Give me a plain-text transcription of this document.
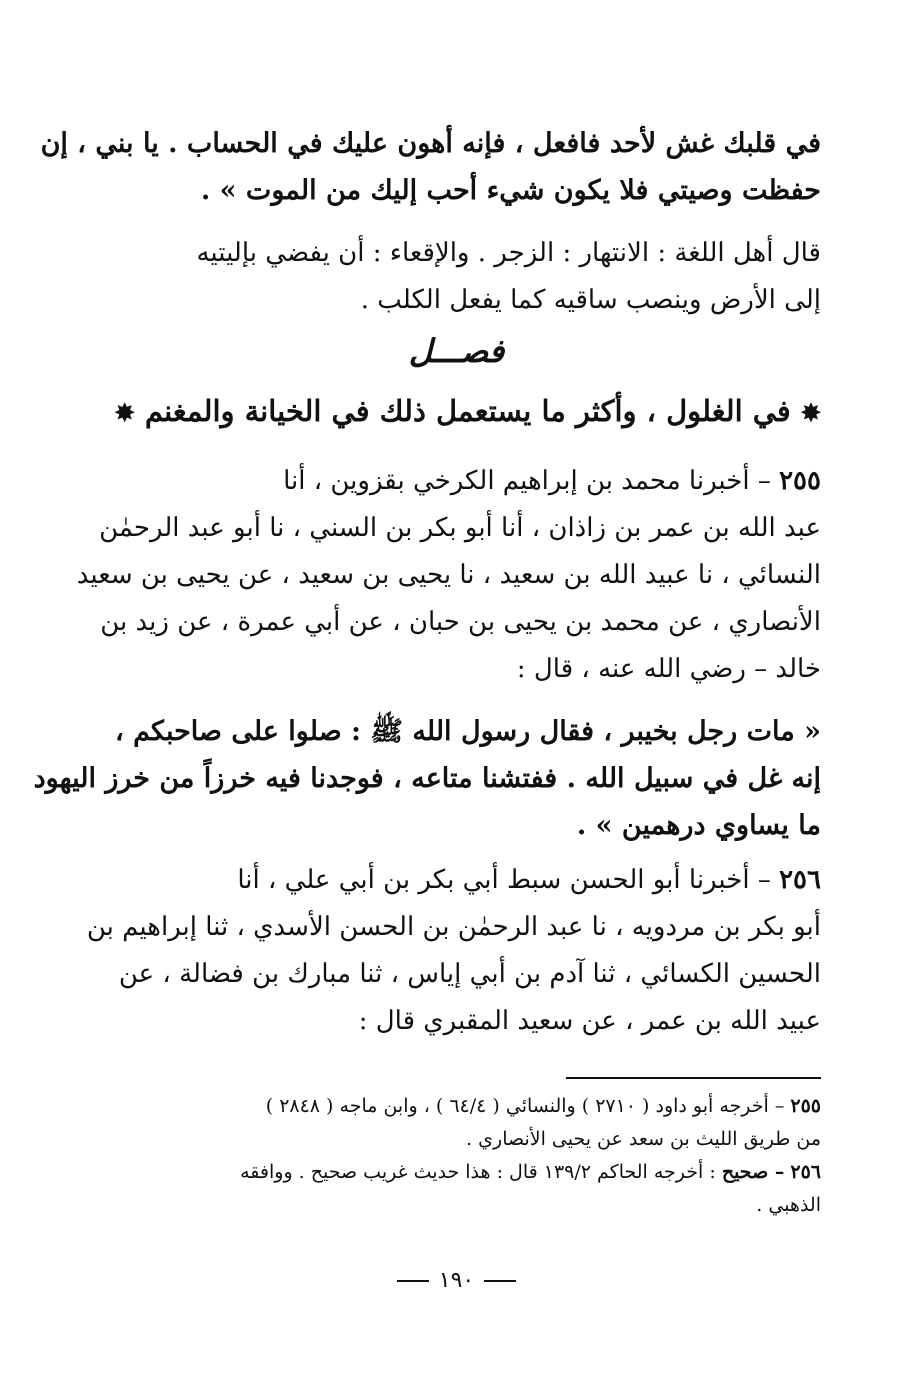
في قلبك غش لأحد فافعل ، فإنه أهون عليك في الحساب . يا بني ، إن
حفظت وصيتي فلا يكون شيء أحب إليك من الموت » .
قال أهل اللغة : الانتهار : الزجر . والإقعاء : أن يفضي بإليتيه
إلى الأرض وينصب ساقيه كما يفعل الكلب .
فصـــل
✸ في الغلول ، وأكثر ما يستعمل ذلك في الخيانة والمغنم ✸
٢٥٥ – أخبرنا محمد بن إبراهيم الكرخي بقزوين ، أنا
عبد الله بن عمر بن زاذان ، أنا أبو بكر بن السني ، نا أبو عبد الرحمٰن
النسائي ، نا عبيد الله بن سعيد ، نا يحيى بن سعيد ، عن يحيى بن سعيد
الأنصاري ، عن محمد بن يحيى بن حبان ، عن أبي عمرة ، عن زيد بن
خالد – رضي الله عنه ، قال :
« مات رجل بخيبر ، فقال رسول الله ﷺ : صلوا على صاحبكم ،
إنه غل في سبيل الله . ففتشنا متاعه ، فوجدنا فيه خرزاً من خرز اليهود
ما يساوي درهمين » .
٢٥٦ – أخبرنا أبو الحسن سبط أبي بكر بن أبي علي ، أنا
أبو بكر بن مردويه ، نا عبد الرحمٰن بن الحسن الأسدي ، ثنا إبراهيم بن
الحسين الكسائي ، ثنا آدم بن أبي إياس ، ثنا مبارك بن فضالة ، عن
عبيد الله بن عمر ، عن سعيد المقبري قال :
٢٥٥ – أخرجه أبو داود ( ٢٧١٠ ) والنسائي ( ٦٤/٤ ) ، وابن ماجه ( ٢٨٤٨ )
من طريق الليث بن سعد عن يحيى الأنصاري .
٢٥٦ – صحيح : أخرجه الحاكم ١٣٩/٢ قال : هذا حديث غريب صحيح . ووافقه
الذهبي .
١٩٠
